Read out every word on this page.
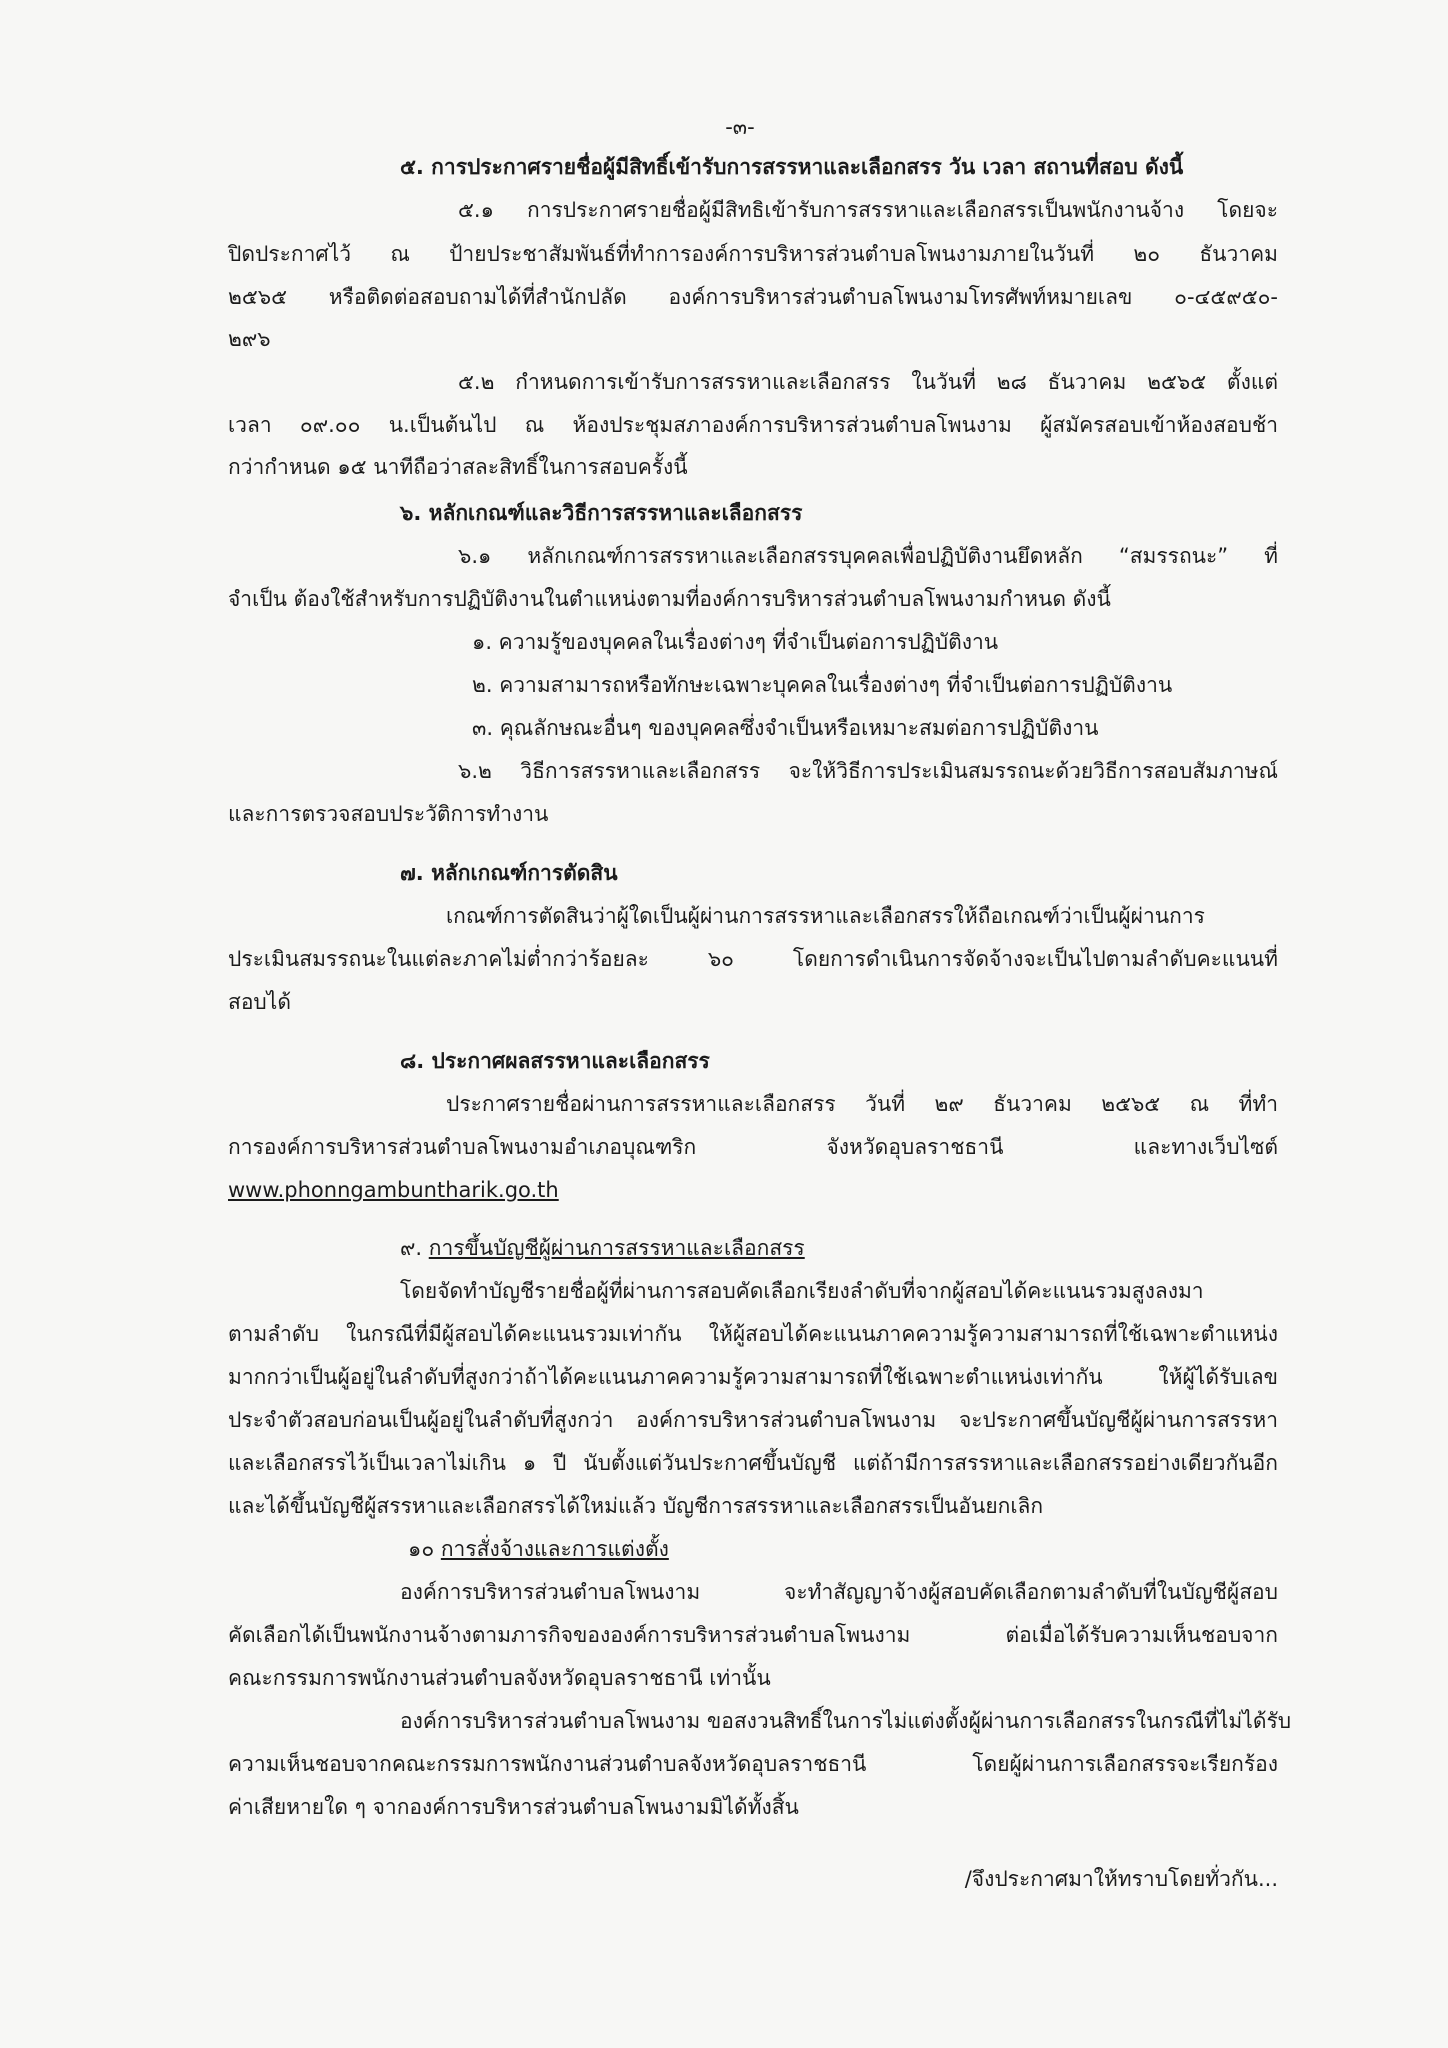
-๓-
๕. การประกาศรายชื่อผู้มีสิทธิ์เข้ารับการสรรหาและเลือกสรร วัน เวลา สถานที่สอบ ดังนี้
๕.๑ การประกาศรายชื่อผู้มีสิทธิเข้ารับการสรรหาและเลือกสรรเป็นพนักงานจ้าง โดยจะ
ปิดประกาศไว้ ณ ป้ายประชาสัมพันธ์ที่ทำการองค์การบริหารส่วนตำบลโพนงามภายในวันที่ ๒๐ ธันวาคม
๒๕๖๕ หรือติดต่อสอบถามได้ที่สำนักปลัด องค์การบริหารส่วนตำบลโพนงามโทรศัพท์หมายเลข ๐-๔๕๙๕๐-
๒๙๖
๕.๒ กำหนดการเข้ารับการสรรหาและเลือกสรร ในวันที่ ๒๘ ธันวาคม ๒๕๖๕ ตั้งแต่
เวลา ๐๙.๐๐ น.เป็นต้นไป ณ ห้องประชุมสภาองค์การบริหารส่วนตำบลโพนงาม ผู้สมัครสอบเข้าห้องสอบช้า
กว่ากำหนด ๑๕ นาทีถือว่าสละสิทธิ์ในการสอบครั้งนี้
๖. หลักเกณฑ์และวิธีการสรรหาและเลือกสรร
๖.๑ หลักเกณฑ์การสรรหาและเลือกสรรบุคคลเพื่อปฏิบัติงานยึดหลัก “สมรรถนะ” ที่
จำเป็น ต้องใช้สำหรับการปฏิบัติงานในตำแหน่งตามที่องค์การบริหารส่วนตำบลโพนงามกำหนด ดังนี้
๑. ความรู้ของบุคคลในเรื่องต่างๆ ที่จำเป็นต่อการปฏิบัติงาน
๒. ความสามารถหรือทักษะเฉพาะบุคคลในเรื่องต่างๆ ที่จำเป็นต่อการปฏิบัติงาน
๓. คุณลักษณะอื่นๆ ของบุคคลซึ่งจำเป็นหรือเหมาะสมต่อการปฏิบัติงาน
๖.๒ วิธีการสรรหาและเลือกสรร จะให้วิธีการประเมินสมรรถนะด้วยวิธีการสอบสัมภาษณ์
และการตรวจสอบประวัติการทำงาน
๗. หลักเกณฑ์การตัดสิน
เกณฑ์การตัดสินว่าผู้ใดเป็นผู้ผ่านการสรรหาและเลือกสรรให้ถือเกณฑ์ว่าเป็นผู้ผ่านการ
ประเมินสมรรถนะในแต่ละภาคไม่ต่ำกว่าร้อยละ ๖๐ โดยการดำเนินการจัดจ้างจะเป็นไปตามลำดับคะแนนที่
สอบได้
๘. ประกาศผลสรรหาและเลือกสรร
ประกาศรายชื่อผ่านการสรรหาและเลือกสรร วันที่ ๒๙ ธันวาคม ๒๕๖๕ ณ ที่ทำ
การองค์การบริหารส่วนตำบลโพนงามอำเภอบุณฑริก จังหวัดอุบลราชธานี และทางเว็บไซต์
www.phonngambuntharik.go.th
๙. การขึ้นบัญชีผู้ผ่านการสรรหาและเลือกสรร
โดยจัดทำบัญชีรายชื่อผู้ที่ผ่านการสอบคัดเลือกเรียงลำดับที่จากผู้สอบได้คะแนนรวมสูงลงมา
ตามลำดับ ในกรณีที่มีผู้สอบได้คะแนนรวมเท่ากัน ให้ผู้สอบได้คะแนนภาคความรู้ความสามารถที่ใช้เฉพาะตำแหน่ง
มากกว่าเป็นผู้อยู่ในลำดับที่สูงกว่าถ้าได้คะแนนภาคความรู้ความสามารถที่ใช้เฉพาะตำแหน่งเท่ากัน ให้ผู้ได้รับเลข
ประจำตัวสอบก่อนเป็นผู้อยู่ในลำดับที่สูงกว่า องค์การบริหารส่วนตำบลโพนงาม จะประกาศขึ้นบัญชีผู้ผ่านการสรรหา
และเลือกสรรไว้เป็นเวลาไม่เกิน ๑ ปี นับตั้งแต่วันประกาศขึ้นบัญชี แต่ถ้ามีการสรรหาและเลือกสรรอย่างเดียวกันอีก
และได้ขึ้นบัญชีผู้สรรหาและเลือกสรรได้ใหม่แล้ว บัญชีการสรรหาและเลือกสรรเป็นอันยกเลิก
๑๐ การสั่งจ้างและการแต่งตั้ง
องค์การบริหารส่วนตำบลโพนงาม จะทำสัญญาจ้างผู้สอบคัดเลือกตามลำดับที่ในบัญชีผู้สอบ
คัดเลือกได้เป็นพนักงานจ้างตามภารกิจขององค์การบริหารส่วนตำบลโพนงาม ต่อเมื่อได้รับความเห็นชอบจาก
คณะกรรมการพนักงานส่วนตำบลจังหวัดอุบลราชธานี เท่านั้น
องค์การบริหารส่วนตำบลโพนงาม ขอสงวนสิทธิ์ในการไม่แต่งตั้งผู้ผ่านการเลือกสรรในกรณีที่ไม่ได้รับ
ความเห็นชอบจากคณะกรรมการพนักงานส่วนตำบลจังหวัดอุบลราชธานี โดยผู้ผ่านการเลือกสรรจะเรียกร้อง
ค่าเสียหายใด ๆ จากองค์การบริหารส่วนตำบลโพนงามมิได้ทั้งสิ้น
/จึงประกาศมาให้ทราบโดยทั่วกัน...
